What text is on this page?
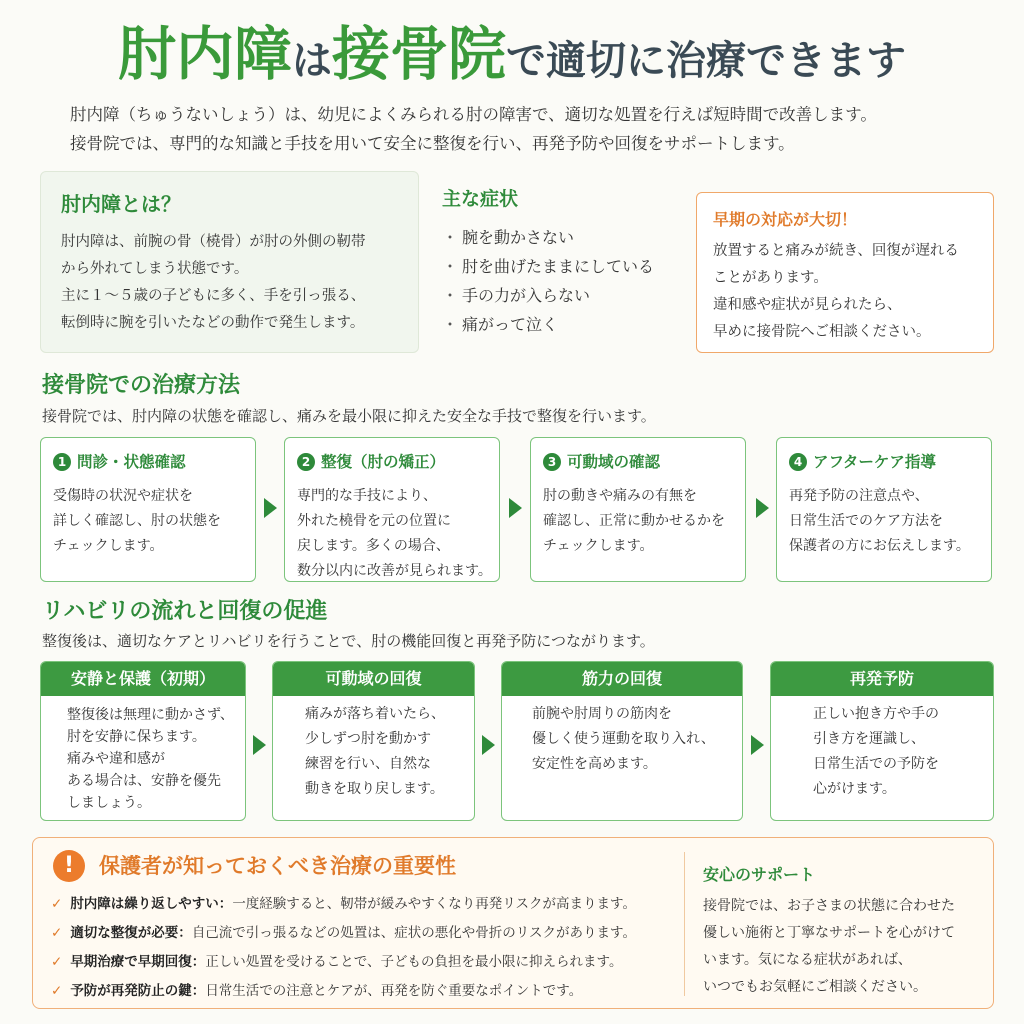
肘内障は接骨院で適切に治療できます

肘内障（ちゅうないしょう）は、幼児によくみられる肘の障害で、適切な処置を行えば短時間で改善します。

接骨院では、専門的な知識と手技を用いて安全に整復を行い、再発予防や回復をサポートします。

肘内障とは？

肘内障は、前腕の骨（橈骨）が肘の外側の靭帯

から外れてしまう状態です。

主に１～５歳の子どもに多く、手を引っ張る、

転倒時に腕を引いたなどの動作で発生します。

主な症状
・ 腕を動かさない
・ 肘を曲げたままにしている
・ 手の力が入らない
・ 痛がって泣く
早期の対応が大切！

放置すると痛みが続き、回復が遅れる

ことがあります。

違和感や症状が見られたら、

早めに接骨院へご相談ください。

接骨院での治療方法
接骨院では、肘内障の状態を確認し、痛みを最小限に抑えた安全な手技で整復を行います。
1 問診・状態確認

受傷時の状況や症状を

詳しく確認し、肘の状態を

チェックします。

2 整復（肘の矯正）

専門的な手技により、

外れた橈骨を元の位置に

戻します。多くの場合、

数分以内に改善が見られます。

3 可動域の確認

肘の動きや痛みの有無を

確認し、正常に動かせるかを

チェックします。

4 アフターケア指導

再発予防の注意点や、

日常生活でのケア方法を

保護者の方にお伝えします。

リハビリの流れと回復の促進
整復後は、適切なケアとリハビリを行うことで、肘の機能回復と再発予防につながります。
安静と保護（初期）

整復後は無理に動かさず、

肘を安静に保ちます。

痛みや違和感が

ある場合は、安静を優先

しましょう。

可動域の回復

痛みが落ち着いたら、

少しずつ肘を動かす

練習を行い、自然な

動きを取り戻します。

筋力の回復

前腕や肘周りの筋肉を

優しく使う運動を取り入れ、

安定性を高めます。

再発予防

正しい抱き方や手の

引き方を運識し、

日常生活での予防を

心がけます。

!	保護者が知っておくべき治療の重要性
✓ 肘内障は繰り返しやすい：一度経験すると、靭帯が緩みやすくなり再発リスクが高まります。
✓ 適切な整復が必要：自己流で引っ張るなどの処置は、症状の悪化や骨折のリスクがあります。
✓ 早期治療で早期回復：正しい処置を受けることで、子どもの負担を最小限に抑えられます。
✓ 予防が再発防止の鍵：日常生活での注意とケアが、再発を防ぐ重要なポイントです。
安心のサポート

接骨院では、お子さまの状態に合わせた

優しい施術と丁寧なサポートを心がけて

います。気になる症状があれば、

いつでもお気軽にご相談ください。
